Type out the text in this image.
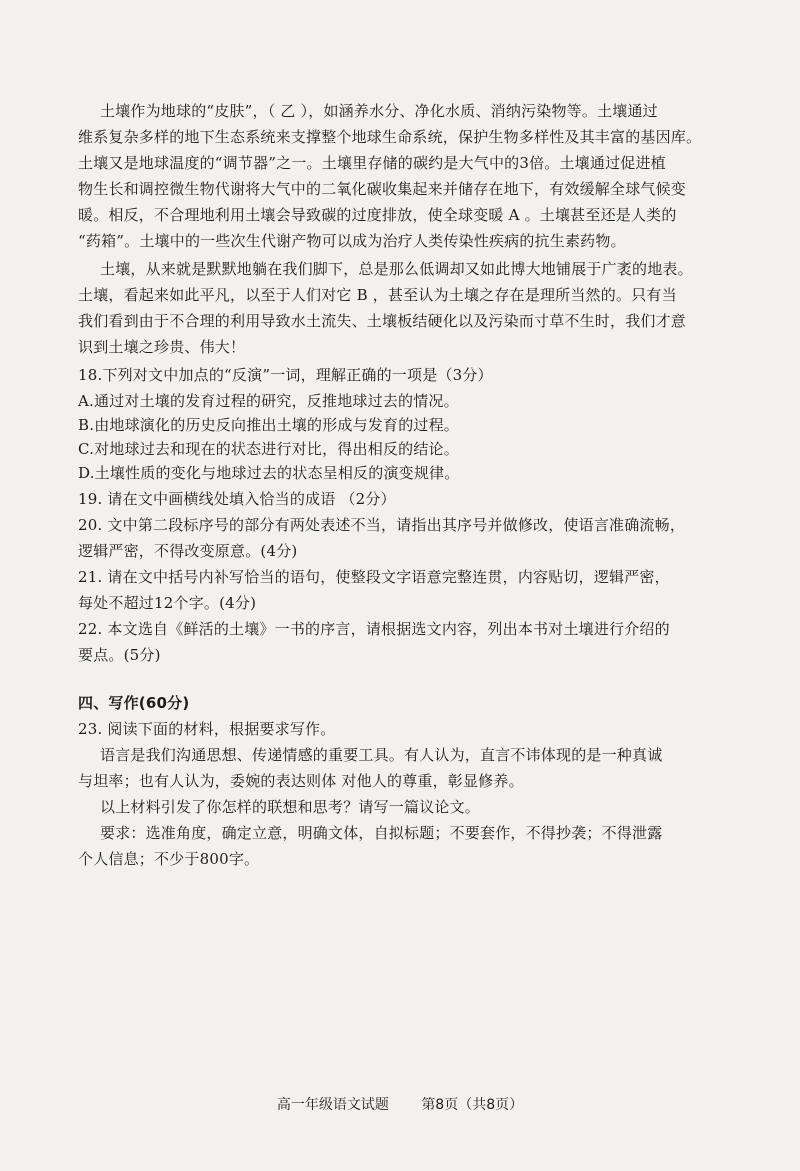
土壤作为地球的“皮肤”，（ 乙 ），如涵养水分、净化水质、消纳污染物等。土壤通过
维系复杂多样的地下生态系统来支撑整个地球生命系统，保护生物多样性及其丰富的基因库。
土壤又是地球温度的“调节器”之一。土壤里存储的碳约是大气中的3倍。土壤通过促进植
物生长和调控微生物代谢将大气中的二氧化碳收集起来并储存在地下，有效缓解全球气候变
暖。相反，不合理地利用土壤会导致碳的过度排放，使全球变暖 A 。土壤甚至还是人类的
“药箱”。土壤中的一些次生代谢产物可以成为治疗人类传染性疾病的抗生素药物。
土壤，从来就是默默地躺在我们脚下，总是那么低调却又如此博大地铺展于广袤的地表。
土壤，看起来如此平凡，以至于人们对它 B ，甚至认为土壤之存在是理所当然的。只有当
我们看到由于不合理的利用导致水土流失、土壤板结硬化以及污染而寸草不生时，我们才意
识到土壤之珍贵、伟大！
18.下列对文中加点的“反演”一词，理解正确的一项是（3分）
A.通过对土壤的发育过程的研究，反推地球过去的情况。
B.由地球演化的历史反向推出土壤的形成与发育的过程。
C.对地球过去和现在的状态进行对比，得出相反的结论。
D.土壤性质的变化与地球过去的状态呈相反的演变规律。
19. 请在文中画横线处填入恰当的成语 （2分）
20. 文中第二段标序号的部分有两处表述不当，请指出其序号并做修改，使语言准确流畅，
逻辑严密，不得改变原意。(4分)
21. 请在文中括号内补写恰当的语句，使整段文字语意完整连贯，内容贴切，逻辑严密，
每处不超过12个字。(4分)
22. 本文选自《鲜活的土壤》一书的序言，请根据选文内容，列出本书对土壤进行介绍的
要点。(5分)
四、写作(60分)
23. 阅读下面的材料，根据要求写作。
语言是我们沟通思想、传递情感的重要工具。有人认为，直言不讳体现的是一种真诚
与坦率；也有人认为，委婉的表达则体 对他人的尊重，彰显修养。
以上材料引发了你怎样的联想和思考？请写一篇议论文。
要求：选准角度，确定立意，明确文体，自拟标题；不要套作，不得抄袭；不得泄露
个人信息；不少于800字。
高一年级语文试题 第8页（共8页）
